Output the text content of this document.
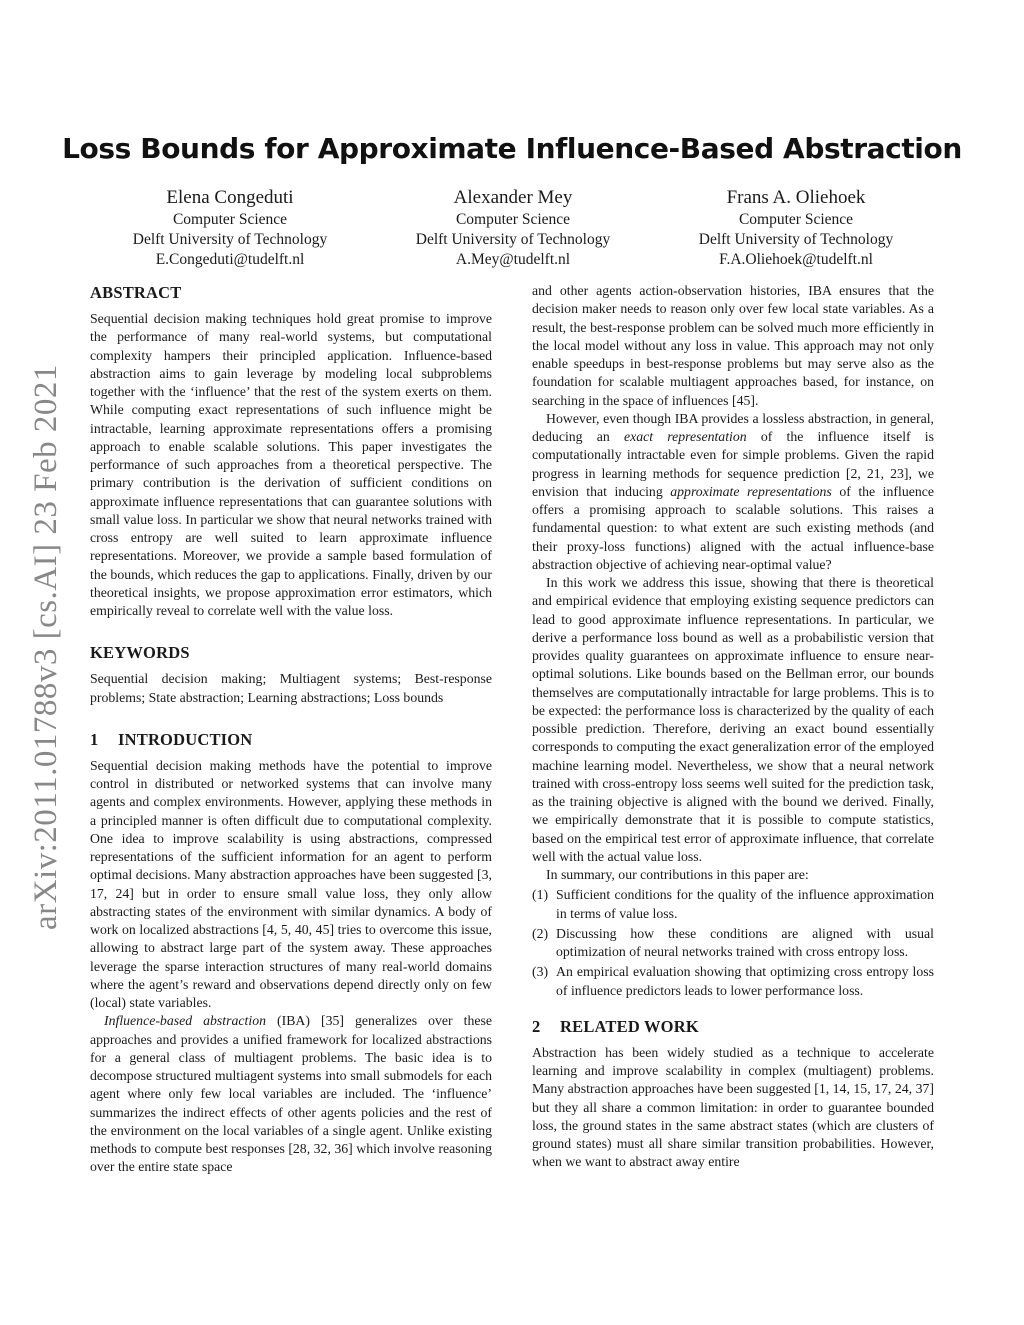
arXiv:2011.01788v3 [cs.AI] 23 Feb 2021
Loss Bounds for Approximate Influence-Based Abstraction
Elena Congeduti
Computer Science
Delft University of Technology
E.Congeduti@tudelft.nl
Alexander Mey
Computer Science
Delft University of Technology
A.Mey@tudelft.nl
Frans A. Oliehoek
Computer Science
Delft University of Technology
F.A.Oliehoek@tudelft.nl
ABSTRACT

Sequential decision making techniques hold great promise to improve the performance of many real-world systems, but computational complexity hampers their principled application. Influence-based abstraction aims to gain leverage by modeling local subproblems together with the ‘influence’ that the rest of the system exerts on them. While computing exact representations of such influence might be intractable, learning approximate representations offers a promising approach to enable scalable solutions. This paper investigates the performance of such approaches from a theoretical perspective. The primary contribution is the derivation of sufficient conditions on approximate influence representations that can guarantee solutions with small value loss. In particular we show that neural networks trained with cross entropy are well suited to learn approximate influence representations. Moreover, we provide a sample based formulation of the bounds, which reduces the gap to applications. Finally, driven by our theoretical insights, we propose approximation error estimators, which empirically reveal to correlate well with the value loss.

KEYWORDS

Sequential decision making; Multiagent systems; Best-response problems; State abstraction; Learning abstractions; Loss bounds

1 INTRODUCTION

Sequential decision making methods have the potential to improve control in distributed or networked systems that can involve many agents and complex environments. However, applying these methods in a principled manner is often difficult due to computational complexity. One idea to improve scalability is using abstractions, compressed representations of the sufficient information for an agent to perform optimal decisions. Many abstraction approaches have been suggested [3, 17, 24] but in order to ensure small value loss, they only allow abstracting states of the environment with similar dynamics. A body of work on localized abstractions [4, 5, 40, 45] tries to overcome this issue, allowing to abstract large part of the system away. These approaches leverage the sparse interaction structures of many real-world domains where the agent’s reward and observations depend directly only on few (local) state variables.

Influence-based abstraction (IBA) [35] generalizes over these approaches and provides a unified framework for localized abstractions for a general class of multiagent problems. The basic idea is to decompose structured multiagent systems into small submodels for each agent where only few local variables are included. The ‘influence’ summarizes the indirect effects of other agents policies and the rest of the environment on the local variables of a single agent. Unlike existing methods to compute best responses [28, 32, 36] which involve reasoning over the entire state space

and other agents action-observation histories, IBA ensures that the decision maker needs to reason only over few local state variables. As a result, the best-response problem can be solved much more efficiently in the local model without any loss in value. This approach may not only enable speedups in best-response problems but may serve also as the foundation for scalable multiagent approaches based, for instance, on searching in the space of influences [45].

However, even though IBA provides a lossless abstraction, in general, deducing an exact representation of the influence itself is computationally intractable even for simple problems. Given the rapid progress in learning methods for sequence prediction [2, 21, 23], we envision that inducing approximate representations of the influence offers a promising approach to scalable solutions. This raises a fundamental question: to what extent are such existing methods (and their proxy-loss functions) aligned with the actual influence-base abstraction objective of achieving near-optimal value?

In this work we address this issue, showing that there is theoretical and empirical evidence that employing existing sequence predictors can lead to good approximate influence representations. In particular, we derive a performance loss bound as well as a probabilistic version that provides quality guarantees on approximate influence to ensure near-optimal solutions. Like bounds based on the Bellman error, our bounds themselves are computationally intractable for large problems. This is to be expected: the performance loss is characterized by the quality of each possible prediction. Therefore, deriving an exact bound essentially corresponds to computing the exact generalization error of the employed machine learning model. Nevertheless, we show that a neural network trained with cross-entropy loss seems well suited for the prediction task, as the training objective is aligned with the bound we derived. Finally, we empirically demonstrate that it is possible to compute statistics, based on the empirical test error of approximate influence, that correlate well with the actual value loss.

In summary, our contributions in this paper are:

(1) Sufficient conditions for the quality of the influence approximation in terms of value loss.
(2) Discussing how these conditions are aligned with usual optimization of neural networks trained with cross entropy loss.
(3) An empirical evaluation showing that optimizing cross entropy loss of influence predictors leads to lower performance loss.
2 RELATED WORK

Abstraction has been widely studied as a technique to accelerate learning and improve scalability in complex (multiagent) problems. Many abstraction approaches have been suggested [1, 14, 15, 17, 24, 37] but they all share a common limitation: in order to guarantee bounded loss, the ground states in the same abstract states (which are clusters of ground states) must all share similar transition probabilities. However, when we want to abstract away entire
